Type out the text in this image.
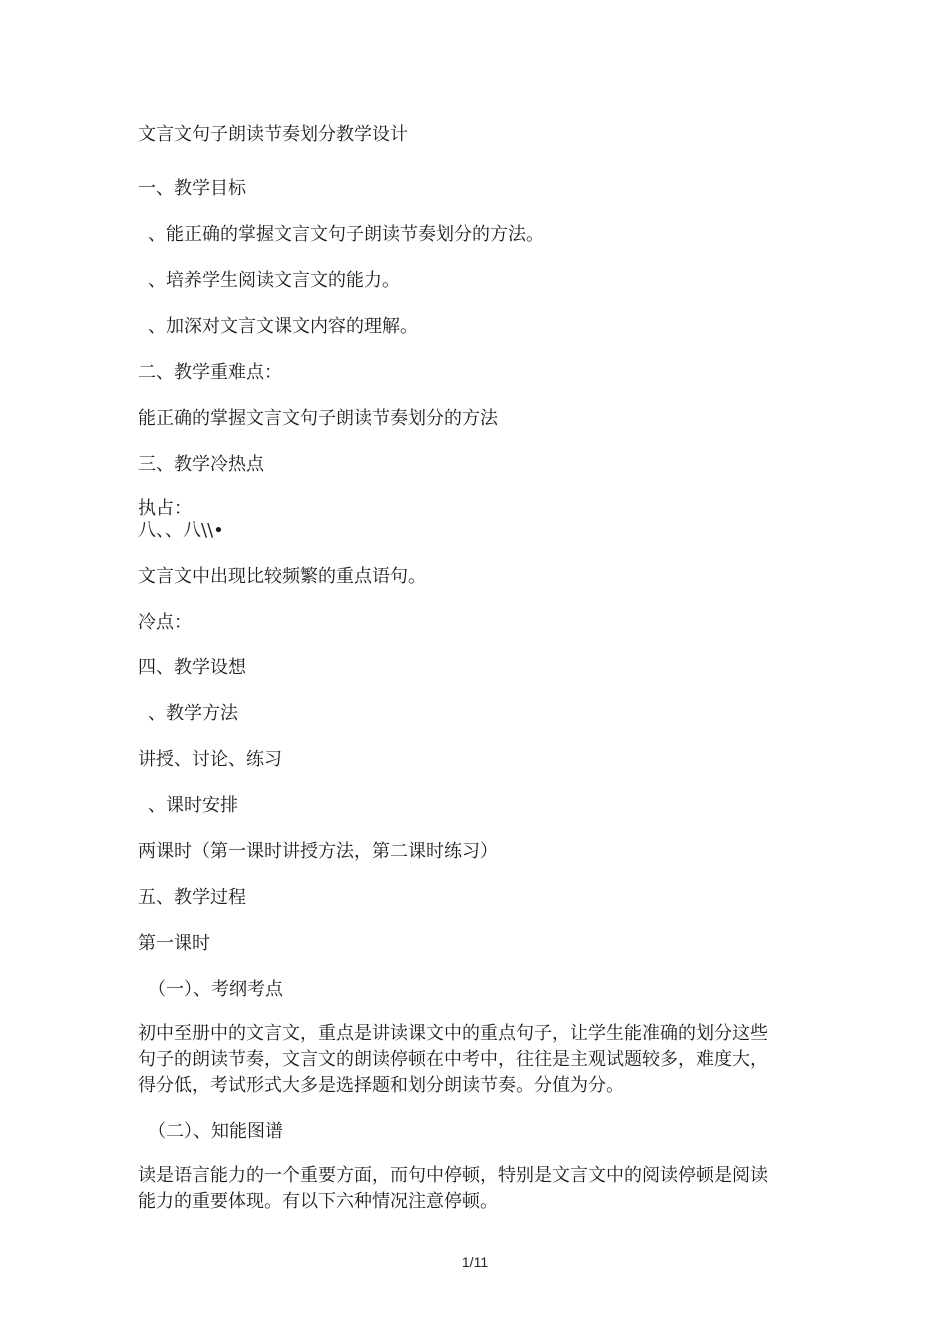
文言文句子朗读节奏划分教学设计
一、教学目标
、能正确的掌握文言文句子朗读节奏划分的方法。
、培养学生阅读文言文的能力。
、加深对文言文课文内容的理解。
二、教学重难点：
能正确的掌握文言文句子朗读节奏划分的方法
三、教学冷热点
执占：
八、、八\\•
文言文中出现比较频繁的重点语句。
冷点：
四、教学设想
、教学方法
讲授、讨论、练习
、课时安排
两课时（第一课时讲授方法，第二课时练习）
五、教学过程
第一课时
（一）、考纲考点
初中至册中的文言文，重点是讲读课文中的重点句子，让学生能准确的划分这些
句子的朗读节奏，文言文的朗读停顿在中考中，往往是主观试题较多，难度大，
得分低，考试形式大多是选择题和划分朗读节奏。分值为分。
（二）、知能图谱
读是语言能力的一个重要方面，而句中停顿，特别是文言文中的阅读停顿是阅读
能力的重要体现。有以下六种情况注意停顿。
1/11
